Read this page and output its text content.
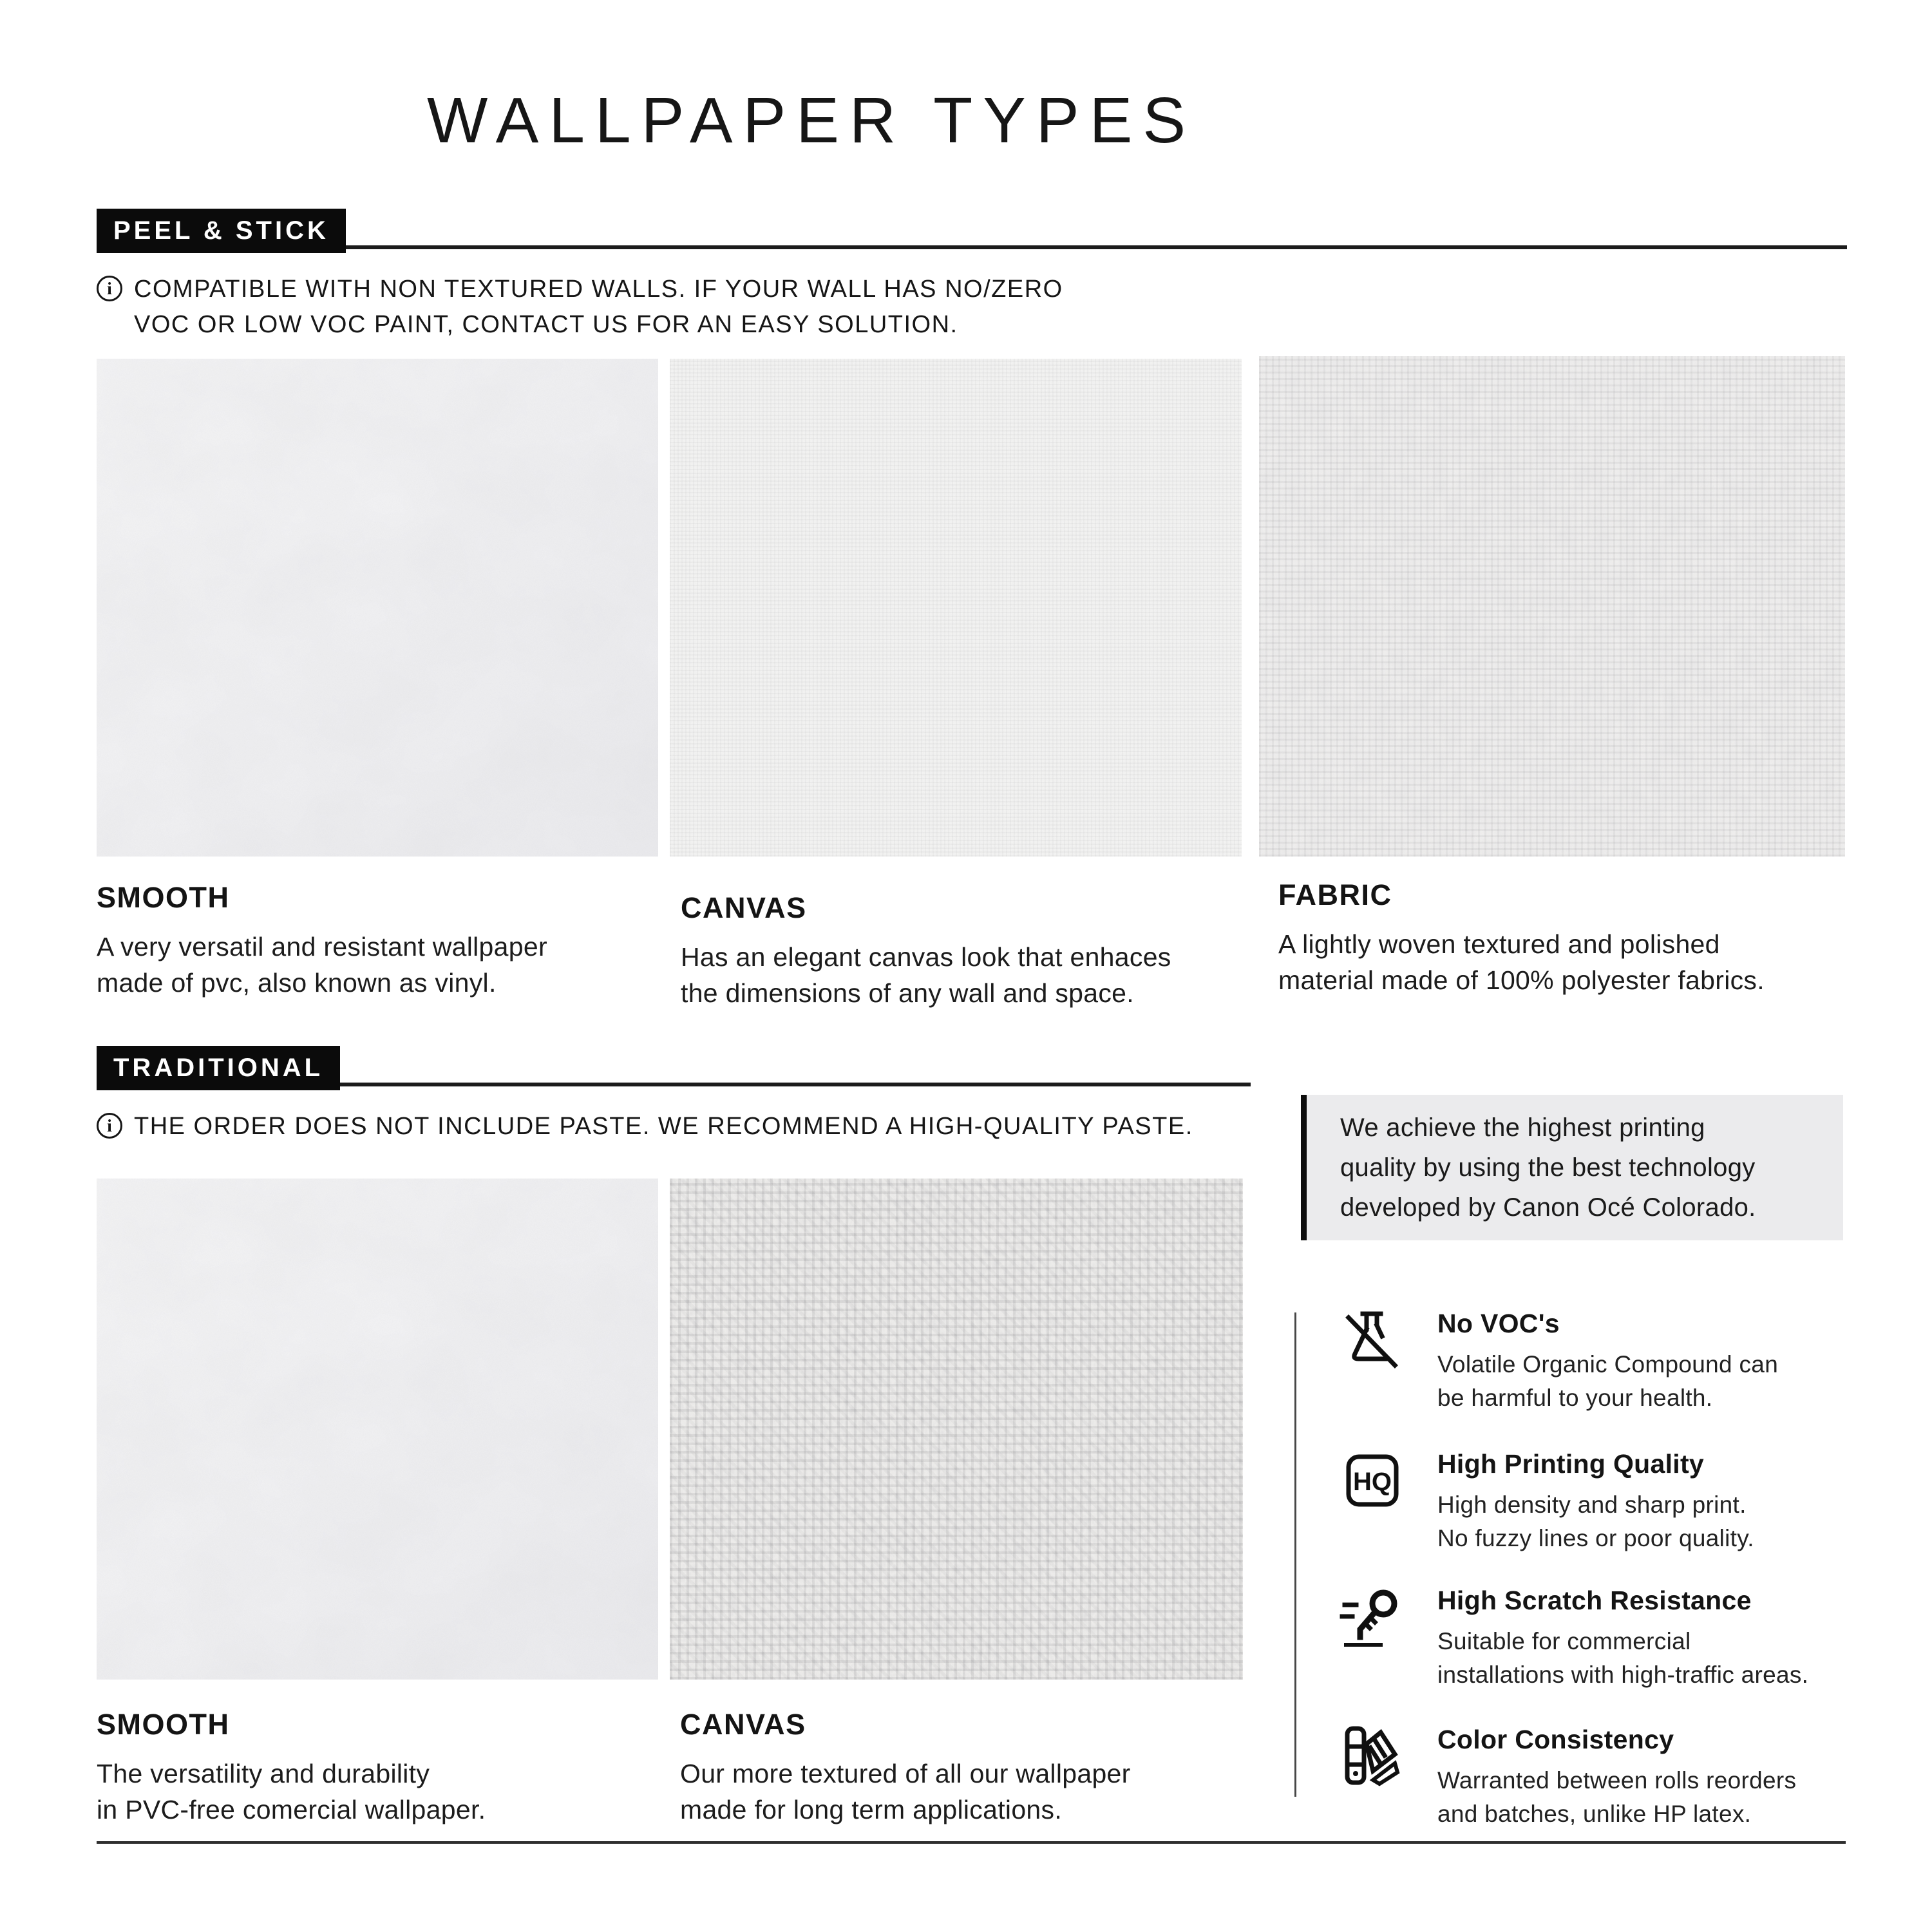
WALLPAPER TYPES
PEEL & STICK
i COMPATIBLE WITH NON TEXTURED WALLS. IF YOUR WALL HAS NO/ZERO
VOC OR LOW VOC PAINT, CONTACT US FOR AN EASY SOLUTION.
SMOOTH
A very versatil and resistant wallpaper
made of pvc, also known as vinyl.
CANVAS
Has an elegant canvas look that enhaces
the dimensions of any wall and space.
FABRIC
A lightly woven textured and polished
material made of 100% polyester fabrics.
TRADITIONAL
i THE ORDER DOES NOT INCLUDE PASTE. WE RECOMMEND A HIGH-QUALITY PASTE.
SMOOTH
The versatility and durability
in PVC-free comercial wallpaper.
CANVAS
Our more textured of all our wallpaper
made for long term applications.
We achieve the highest printing
quality by using the best technology
developed by Canon Océ Colorado.
No VOC's
Volatile Organic Compound can
be harmful to your health.
HQ
High Printing Quality
High density and sharp print.
No fuzzy lines or poor quality.
High Scratch Resistance
Suitable for commercial
installations with high-traffic areas.
Color Consistency
Warranted between rolls reorders
and batches, unlike HP latex.
